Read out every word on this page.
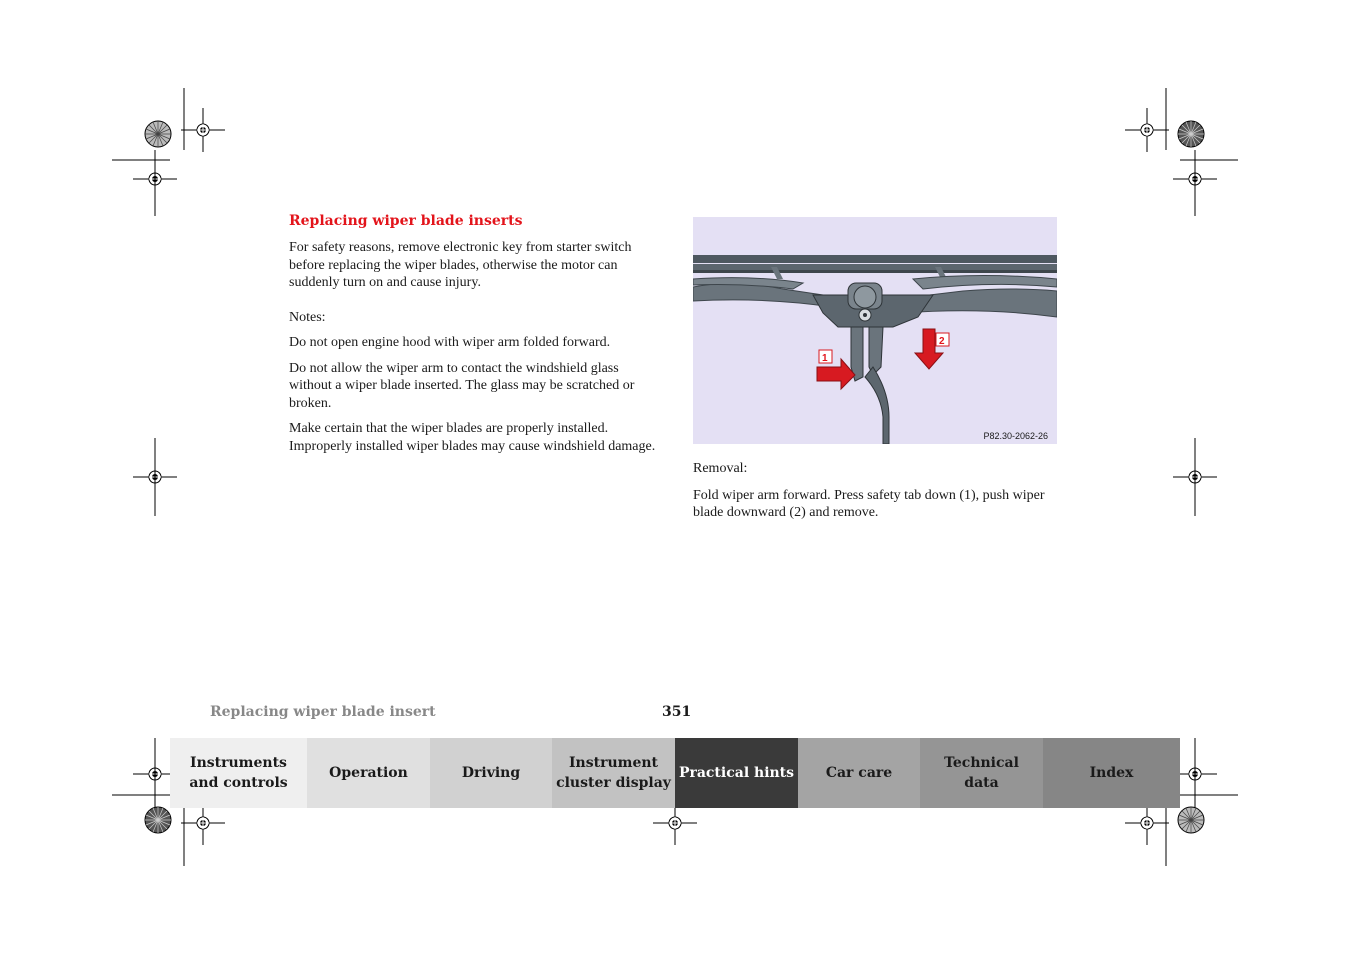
Replacing wiper blade inserts

For safety reasons, remove electronic key from starter switch before replacing the wiper blades, otherwise the motor can suddenly turn on and cause injury.

Notes:

Do not open engine hood with wiper arm folded forward.

Do not allow the wiper arm to contact the windshield glass without a wiper blade inserted. The glass may be scratched or broken.

Make certain that the wiper blades are properly installed. Improperly installed wiper blades may cause windshield damage.

1
2
P82.30-2062-26

Removal:

Fold wiper arm forward. Press safety tab down (1), push wiper blade downward (2) and remove.

Replacing wiper blade insert	351
Instruments
and controls
Operation	Driving
Instrument
cluster display
Practical hints Car care
Technical
data
Index
